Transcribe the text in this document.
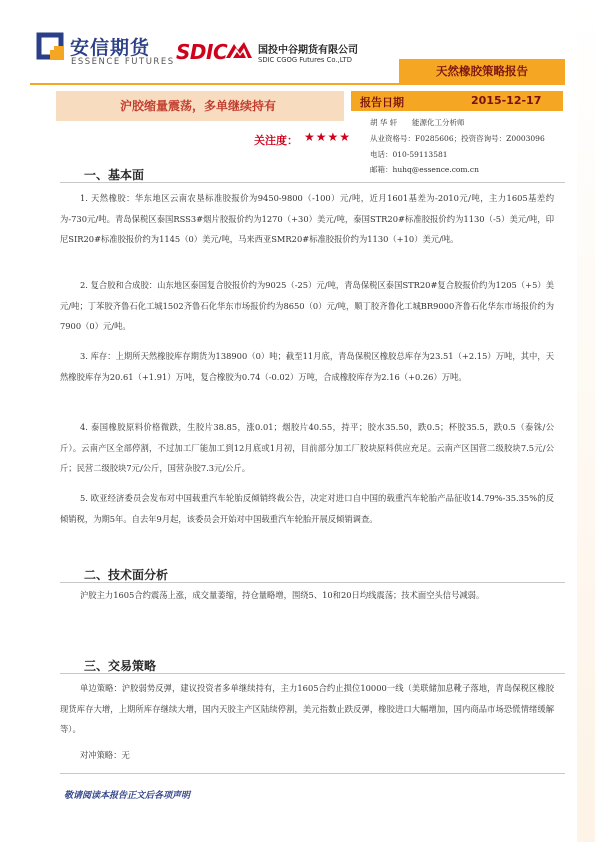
安信期货
ESSENCE FUTURES SDIC	国投中谷期货有限公司
SDIC CGOG Futures Co.,LTD
天然橡胶策略报告
沪胶缩量震荡，多单继续持有	报告日期	2015-12-17
关注度： ★★★★
胡 华 轩 能源化工分析师
从业资格号：F0285606；投资咨询号：Z0003096
电话：010-59113581
邮箱：huhq@essence.com.cn
一、基本面
1. 天然橡胶：华东地区云南农垦标准胶报价为9450-9800（-100）元/吨，近月1601基差为-2010元/吨，主力1605基差约为-730元/吨。青岛保税区泰国RSS3#烟片胶报价约为1270（+30）美元/吨，泰国STR20#标准胶报价约为1130（-5）美元/吨，印尼SIR20#标准胶报价约为1145（0）美元/吨，马来西亚SMR20#标准胶报价约为1130（+10）美元/吨。
2. 复合胶和合成胶：山东地区泰国复合胶报价约为9025（-25）元/吨，青岛保税区泰国STR20#复合胶报价约为1205（+5）美元/吨；丁苯胶齐鲁石化工城1502齐鲁石化华东市场报价约为8650（0）元/吨，顺丁胶齐鲁化工城BR9000齐鲁石化华东市场报价约为7900（0）元/吨。
3. 库存：上期所天然橡胶库存期货为138900（0）吨；截至11月底，青岛保税区橡胶总库存为23.51（+2.15）万吨，其中，天然橡胶库存为20.61（+1.91）万吨，复合橡胶为0.74（-0.02）万吨，合成橡胶库存为2.16（+0.26）万吨。
4. 泰国橡胶原料价格微跌，生胶片38.85，涨0.01；烟胶片40.55，持平；胶水35.50，跌0.5；杯胶35.5，跌0.5（泰铢/公斤）。云南产区全部停割，不过加工厂能加工到12月底或1月初，目前部分加工厂胶块原料供应充足。云南产区国营二级胶块7.5元/公斤；民营二级胶块7元/公斤，国营杂胶7.3元/公斤。
5. 欧亚经济委员会发布对中国载重汽车轮胎反倾销终裁公告，决定对进口自中国的载重汽车轮胎产品征收14.79%-35.35%的反倾销税，为期5年。自去年9月起，该委员会开始对中国载重汽车轮胎开展反倾销调查。
二、技术面分析
沪胶主力1605合约震荡上涨，成交量萎缩，持仓量略增，围绕5、10和20日均线震荡；技术面空头信号减弱。
三、交易策略
单边策略：沪胶弱势反弹，建议投资者多单继续持有，主力1605合约止损位10000一线（美联储加息靴子落地，青岛保税区橡胶现货库存大增，上期所库存继续大增，国内天胶主产区陆续停割，美元指数止跌反弹，橡胶进口大幅增加，国内商品市场恐慌情绪缓解等）。
对冲策略：无
敬请阅读本报告正文后各项声明
